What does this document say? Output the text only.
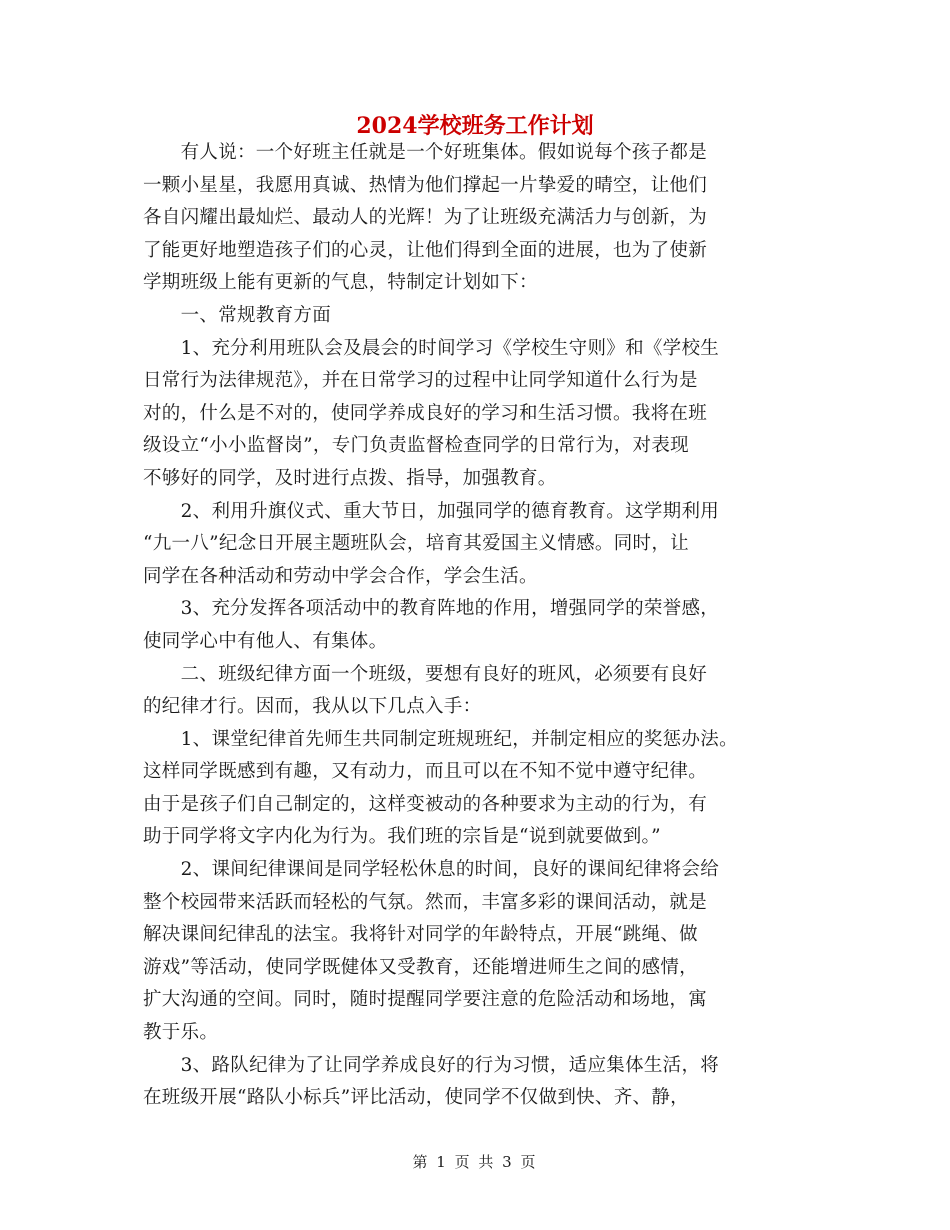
2024学校班务工作计划
　　有人说：一个好班主任就是一个好班集体。假如说每个孩子都是
一颗小星星，我愿用真诚、热情为他们撑起一片挚爱的晴空，让他们
各自闪耀出最灿烂、最动人的光辉！为了让班级充满活力与创新，为
了能更好地塑造孩子们的心灵，让他们得到全面的进展，也为了使新
学期班级上能有更新的气息，特制定计划如下：
　　一、常规教育方面
　　1、充分利用班队会及晨会的时间学习《学校生守则》和《学校生
日常行为法律规范》，并在日常学习的过程中让同学知道什么行为是
对的，什么是不对的，使同学养成良好的学习和生活习惯。我将在班
级设立“小小监督岗”，专门负责监督检查同学的日常行为，对表现
不够好的同学，及时进行点拨、指导，加强教育。
　　2、利用升旗仪式、重大节日，加强同学的德育教育。这学期利用
“九一八”纪念日开展主题班队会，培育其爱国主义情感。同时，让
同学在各种活动和劳动中学会合作，学会生活。
　　3、充分发挥各项活动中的教育阵地的作用，增强同学的荣誉感，
使同学心中有他人、有集体。
　　二、班级纪律方面一个班级，要想有良好的班风，必须要有良好
的纪律才行。因而，我从以下几点入手：
　　1、课堂纪律首先师生共同制定班规班纪，并制定相应的奖惩办法。
这样同学既感到有趣，又有动力，而且可以在不知不觉中遵守纪律。
由于是孩子们自己制定的，这样变被动的各种要求为主动的行为，有
助于同学将文字内化为行为。我们班的宗旨是“说到就要做到。”
　　2、课间纪律课间是同学轻松休息的时间，良好的课间纪律将会给
整个校园带来活跃而轻松的气氛。然而，丰富多彩的课间活动，就是
解决课间纪律乱的法宝。我将针对同学的年龄特点，开展“跳绳、做
游戏”等活动，使同学既健体又受教育，还能增进师生之间的感情，
扩大沟通的空间。同时，随时提醒同学要注意的危险活动和场地，寓
教于乐。
　　3、路队纪律为了让同学养成良好的行为习惯，适应集体生活，将
在班级开展“路队小标兵”评比活动，使同学不仅做到快、齐、静，
第 1 页 共 3 页
